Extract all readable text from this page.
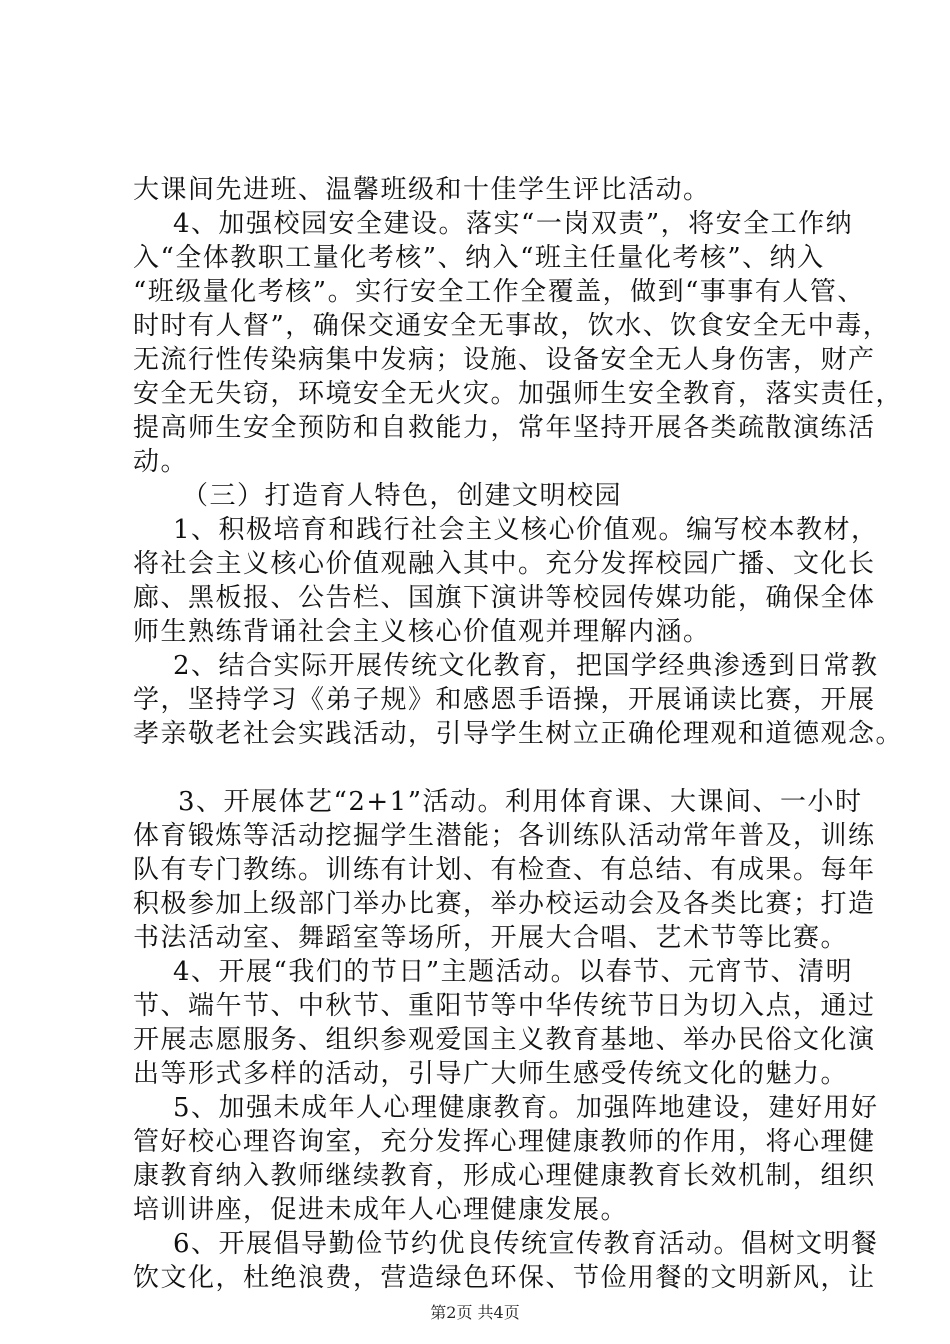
大课间先进班、温馨班级和十佳学生评比活动。
4、加强校园安全建设。落实“一岗双责”，将安全工作纳
入“全体教职工量化考核”、纳入“班主任量化考核”、纳入
“班级量化考核”。实行安全工作全覆盖，做到“事事有人管、
时时有人督”，确保交通安全无事故，饮水、饮食安全无中毒，
无流行性传染病集中发病；设施、设备安全无人身伤害，财产
安全无失窃，环境安全无火灾。加强师生安全教育，落实责任，
提高师生安全预防和自救能力，常年坚持开展各类疏散演练活
动。
（三）打造育人特色，创建文明校园
1、积极培育和践行社会主义核心价值观。编写校本教材，
将社会主义核心价值观融入其中。充分发挥校园广播、文化长
廊、黑板报、公告栏、国旗下演讲等校园传媒功能，确保全体
师生熟练背诵社会主义核心价值观并理解内涵。
2、结合实际开展传统文化教育，把国学经典渗透到日常教
学，坚持学习《弟子规》和感恩手语操，开展诵读比赛，开展
孝亲敬老社会实践活动，引导学生树立正确伦理观和道德观念。
3、开展体艺“2+1”活动。利用体育课、大课间、一小时
体育锻炼等活动挖掘学生潜能；各训练队活动常年普及，训练
队有专门教练。训练有计划、有检查、有总结、有成果。每年
积极参加上级部门举办比赛，举办校运动会及各类比赛；打造
书法活动室、舞蹈室等场所，开展大合唱、艺术节等比赛。
4、开展“我们的节日”主题活动。以春节、元宵节、清明
节、端午节、中秋节、重阳节等中华传统节日为切入点，通过
开展志愿服务、组织参观爱国主义教育基地、举办民俗文化演
出等形式多样的活动，引导广大师生感受传统文化的魅力。
5、加强未成年人心理健康教育。加强阵地建设，建好用好
管好校心理咨询室，充分发挥心理健康教师的作用，将心理健
康教育纳入教师继续教育，形成心理健康教育长效机制，组织
培训讲座，促进未成年人心理健康发展。
6、开展倡导勤俭节约优良传统宣传教育活动。倡树文明餐
饮文化，杜绝浪费，营造绿色环保、节俭用餐的文明新风，让
第2页 共4页
